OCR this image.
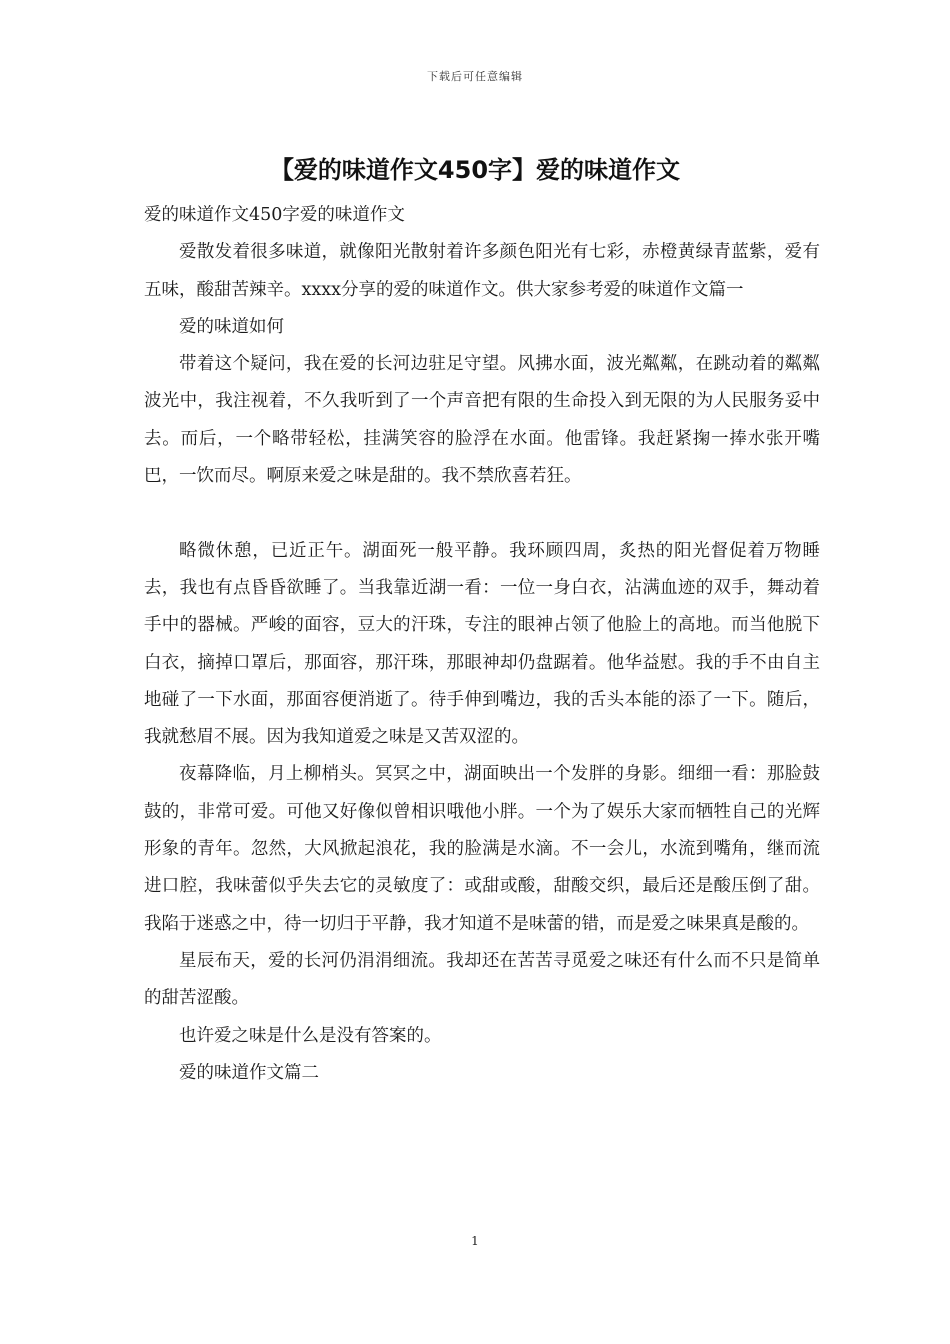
下载后可任意编辑
【爱的味道作文450字】爱的味道作文

爱的味道作文450字爱的味道作文

爱散发着很多味道，就像阳光散射着许多颜色阳光有七彩，赤橙黄绿青蓝紫，爱有五味，酸甜苦辣辛。xxxx分享的爱的味道作文。供大家参考爱的味道作文篇一

爱的味道如何

带着这个疑问，我在爱的长河边驻足守望。风拂水面，波光粼粼，在跳动着的粼粼波光中，我注视着，不久我听到了一个声音把有限的生命投入到无限的为人民服务妥中去。而后，一个略带轻松，挂满笑容的脸浮在水面。他雷锋。我赶紧掬一捧水张开嘴巴，一饮而尽。啊原来爱之味是甜的。我不禁欣喜若狂。

略微休憩，已近正午。湖面死一般平静。我环顾四周，炙热的阳光督促着万物睡去，我也有点昏昏欲睡了。当我靠近湖一看：一位一身白衣，沾满血迹的双手，舞动着手中的器械。严峻的面容，豆大的汗珠，专注的眼神占领了他脸上的高地。而当他脱下白衣，摘掉口罩后，那面容，那汗珠，那眼神却仍盘踞着。他华益慰。我的手不由自主地碰了一下水面，那面容便消逝了。待手伸到嘴边，我的舌头本能的添了一下。随后，我就愁眉不展。因为我知道爱之味是又苦双涩的。

夜幕降临，月上柳梢头。冥冥之中，湖面映出一个发胖的身影。细细一看：那脸鼓鼓的，非常可爱。可他又好像似曾相识哦他小胖。一个为了娱乐大家而牺牲自己的光辉形象的青年。忽然，大风掀起浪花，我的脸满是水滴。不一会儿，水流到嘴角，继而流进口腔，我味蕾似乎失去它的灵敏度了：或甜或酸，甜酸交织，最后还是酸压倒了甜。我陷于迷惑之中，待一切归于平静，我才知道不是味蕾的错，而是爱之味果真是酸的。

星辰布天，爱的长河仍涓涓细流。我却还在苦苦寻觅爱之味还有什么而不只是简单的甜苦涩酸。

也许爱之味是什么是没有答案的。

爱的味道作文篇二

1
